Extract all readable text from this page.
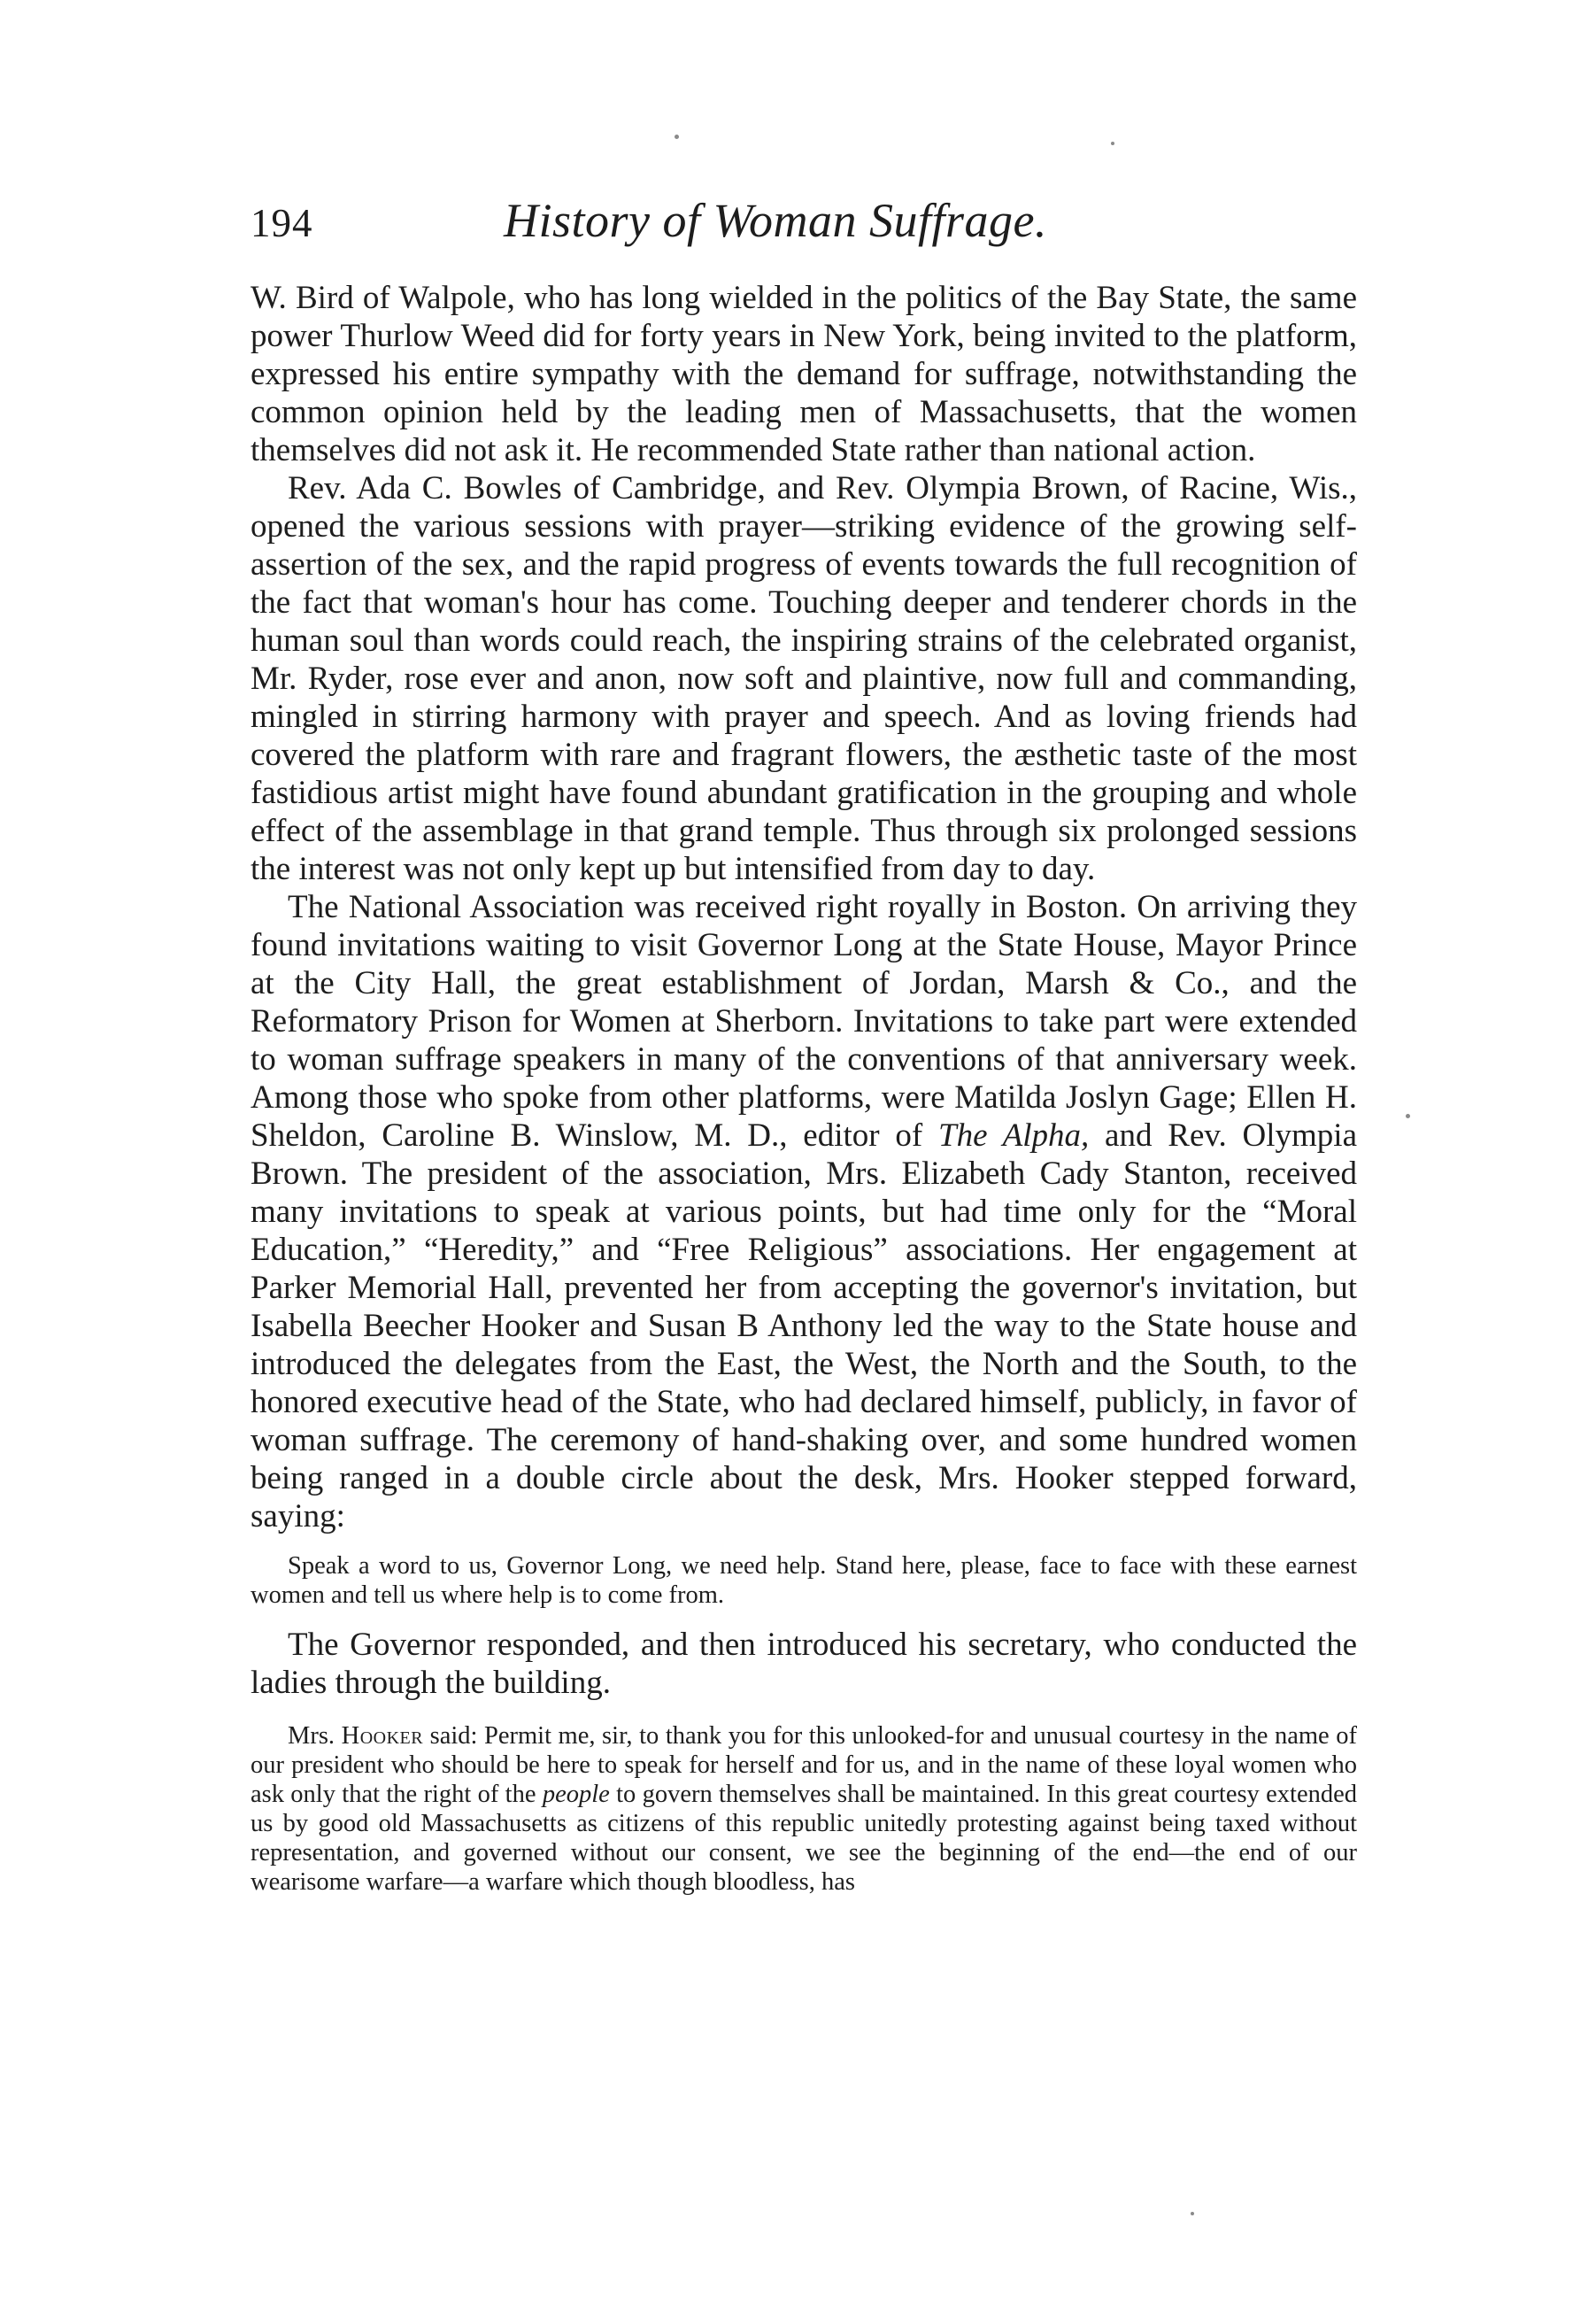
194	History of Woman Suffrage.

W. Bird of Walpole, who has long wielded in the politics of the Bay State, the same power Thurlow Weed did for forty years in New York, being invited to the platform, expressed his entire sympathy with the demand for suffrage, notwithstanding the common opinion held by the leading men of Massachusetts, that the women themselves did not ask it. He recommended State rather than national action.

Rev. Ada C. Bowles of Cambridge, and Rev. Olympia Brown, of Racine, Wis., opened the various sessions with prayer—striking evidence of the growing self-assertion of the sex, and the rapid progress of events towards the full recognition of the fact that woman's hour has come. Touching deeper and tenderer chords in the human soul than words could reach, the inspiring strains of the celebrated organist, Mr. Ryder, rose ever and anon, now soft and plaintive, now full and commanding, mingled in stirring harmony with prayer and speech. And as loving friends had covered the platform with rare and fragrant flowers, the æsthetic taste of the most fastidious artist might have found abundant gratification in the grouping and whole effect of the assemblage in that grand temple. Thus through six prolonged sessions the interest was not only kept up but intensified from day to day.

The National Association was received right royally in Boston. On arriving they found invitations waiting to visit Governor Long at the State House, Mayor Prince at the City Hall, the great establishment of Jordan, Marsh & Co., and the Reformatory Prison for Women at Sherborn. Invitations to take part were extended to woman suffrage speakers in many of the conventions of that anniversary week. Among those who spoke from other platforms, were Matilda Joslyn Gage; Ellen H. Sheldon, Caroline B. Winslow, M. D., editor of The Alpha, and Rev. Olympia Brown. The president of the association, Mrs. Elizabeth Cady Stanton, received many invitations to speak at various points, but had time only for the “Moral Education,” “Heredity,” and “Free Religious” associations. Her engagement at Parker Memorial Hall, prevented her from accepting the governor's invitation, but Isabella Beecher Hooker and Susan B Anthony led the way to the State house and introduced the delegates from the East, the West, the North and the South, to the honored executive head of the State, who had declared himself, publicly, in favor of woman suffrage. The ceremony of hand-shaking over, and some hundred women being ranged in a double circle about the desk, Mrs. Hooker stepped forward, saying:

Speak a word to us, Governor Long, we need help. Stand here, please, face to face with these earnest women and tell us where help is to come from.

The Governor responded, and then introduced his secretary, who conducted the ladies through the building.

Mrs. Hooker said: Permit me, sir, to thank you for this unlooked-for and unusual courtesy in the name of our president who should be here to speak for herself and for us, and in the name of these loyal women who ask only that the right of the people to govern themselves shall be maintained. In this great courtesy extended us by good old Massachusetts as citizens of this republic unitedly protesting against being taxed without representation, and governed without our consent, we see the beginning of the end—the end of our wearisome warfare—a warfare which though bloodless, has
